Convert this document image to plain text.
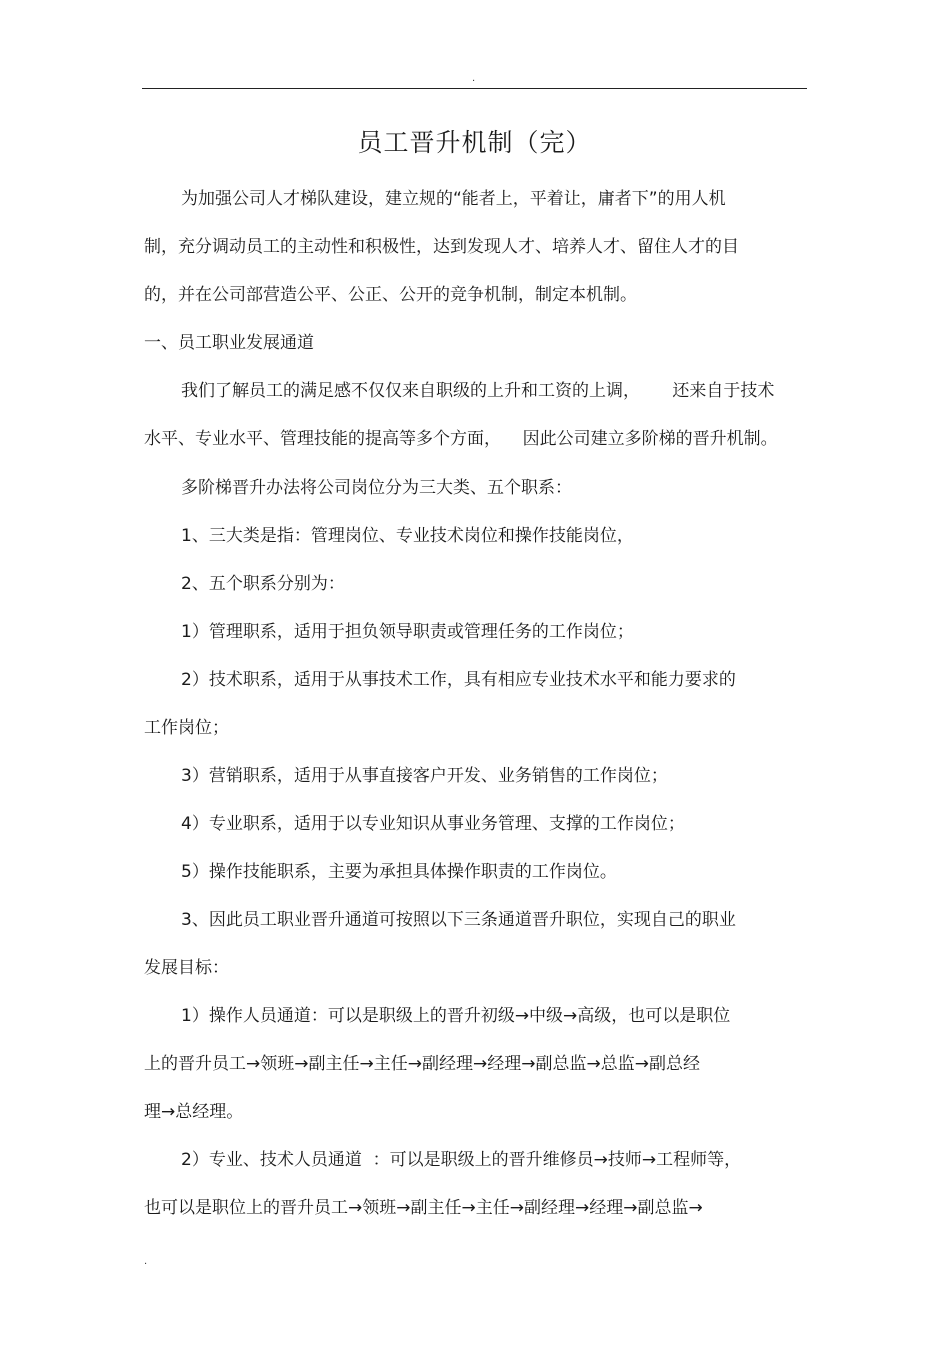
.
员工晋升机制（完）
为加强公司人才梯队建设，建立规的“能者上，平着让，庸者下”的用人机
制，充分调动员工的主动性和积极性，达到发现人才、培养人才、留住人才的目
的，并在公司部营造公平、公正、公开的竞争机制，制定本机制。
一、员工职业发展通道
我们了解员工的满足感不仅仅来自职级的上升和工资的上调，      还来自于技术
水平、专业水平、管理技能的提高等多个方面，    因此公司建立多阶梯的晋升机制。
多阶梯晋升办法将公司岗位分为三大类、五个职系：
1、三大类是指：管理岗位、专业技术岗位和操作技能岗位，
2、五个职系分别为：
1）管理职系，适用于担负领导职责或管理任务的工作岗位；
2）技术职系，适用于从事技术工作，具有相应专业技术水平和能力要求的
工作岗位；
3）营销职系，适用于从事直接客户开发、业务销售的工作岗位；
4）专业职系，适用于以专业知识从事业务管理、支撑的工作岗位；
5）操作技能职系，主要为承担具体操作职责的工作岗位。
3、因此员工职业晋升通道可按照以下三条通道晋升职位，实现自己的职业
发展目标：
1）操作人员通道：可以是职级上的晋升初级→中级→高级，也可以是职位
上的晋升员工→领班→副主任→主任→副经理→经理→副总监→总监→副总经
理→总经理。
2）专业、技术人员通道  ：可以是职级上的晋升维修员→技师→工程师等，
也可以是职位上的晋升员工→领班→副主任→主任→副经理→经理→副总监→
.
